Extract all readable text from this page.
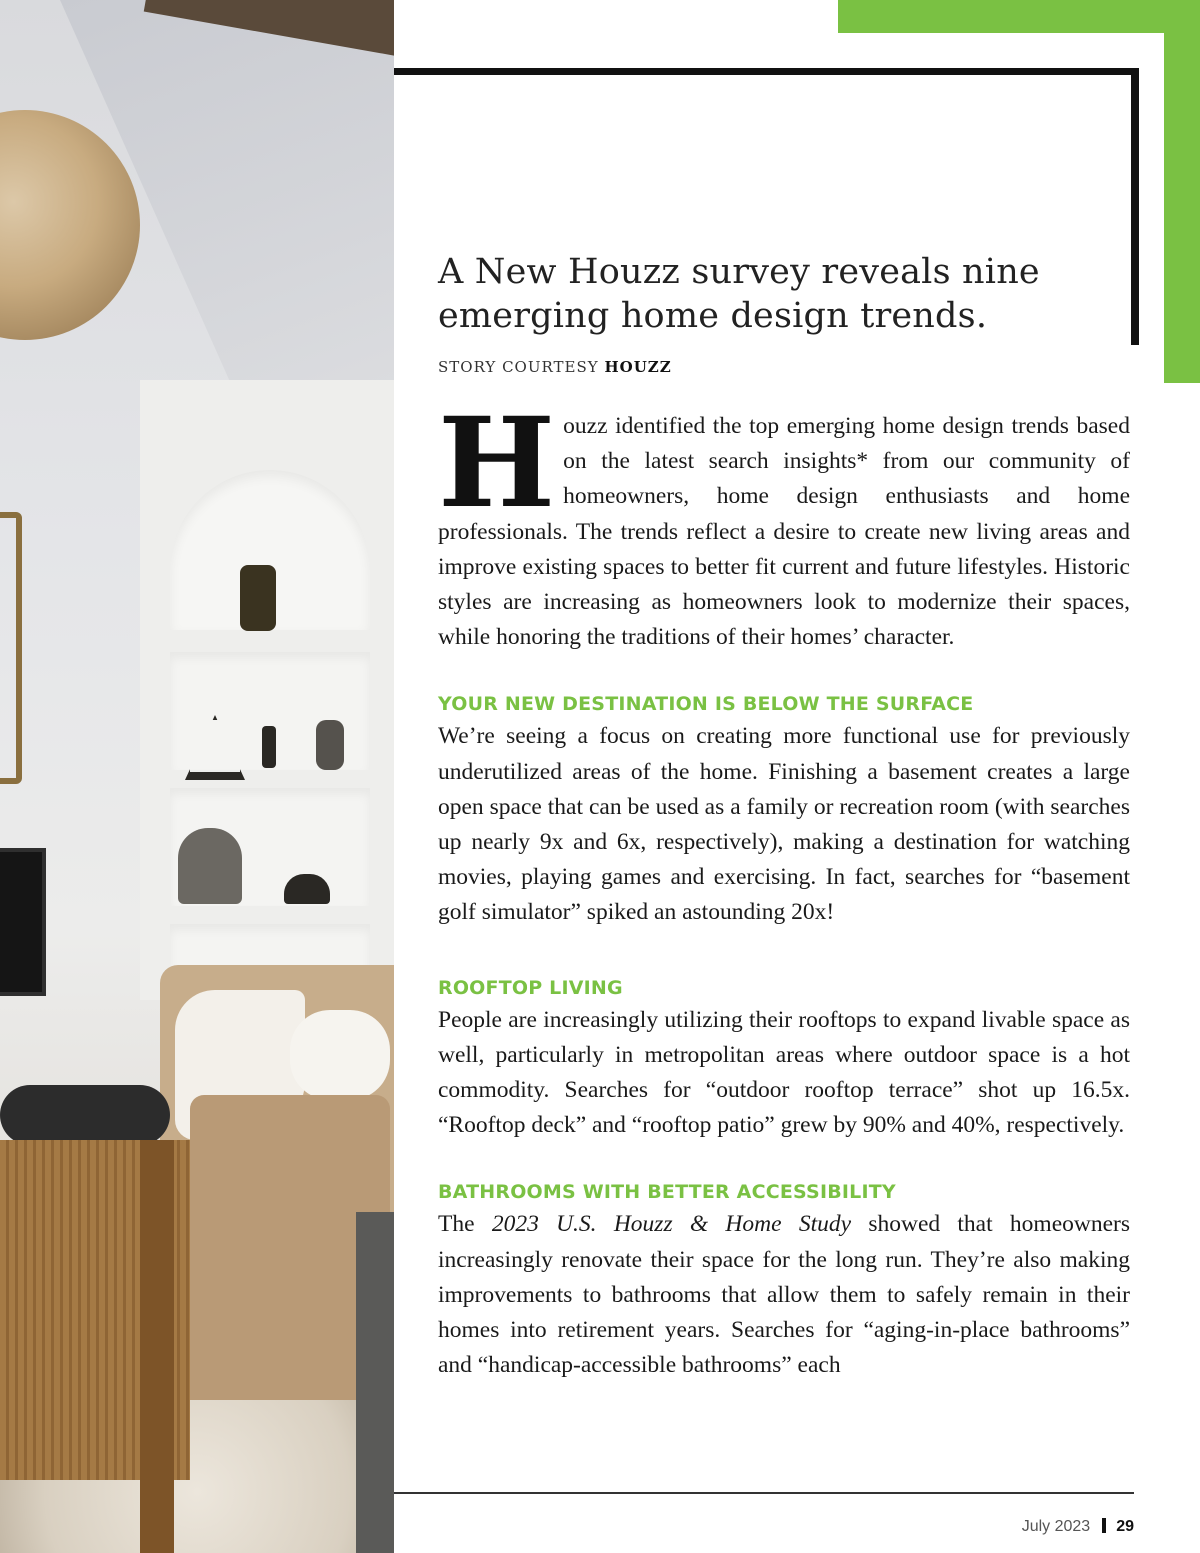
A New Houzz survey reveals nine emerging home design trends.

STORY COURTESY HOUZZ

Houzz identified the top emerging home design trends based on the latest search insights* from our community of homeowners, home design enthusiasts and home professionals. The trends reflect a desire to create new living areas and improve existing spaces to better fit current and future lifestyles. Historic styles are increasing as homeowners look to modernize their spaces, while honoring the traditions of their homes’ character.

YOUR NEW DESTINATION IS BELOW THE SURFACE

We’re seeing a focus on creating more functional use for previously underutilized areas of the home. Finishing a basement creates a large open space that can be used as a family or recreation room (with searches up nearly 9x and 6x, respectively), making a destination for watching movies, playing games and exercising. In fact, searches for “basement golf simulator” spiked an astounding 20x!

ROOFTOP LIVING

People are increasingly utilizing their rooftops to expand livable space as well, particularly in metropolitan areas where outdoor space is a hot commodity. Searches for “outdoor rooftop terrace” shot up 16.5x. “Rooftop deck” and “rooftop patio” grew by 90% and 40%, respectively.

BATHROOMS WITH BETTER ACCESSIBILITY

The 2023 U.S. Houzz & Home Study showed that homeowners increasingly renovate their space for the long run. They’re also making improvements to bathrooms that allow them to safely remain in their homes into retirement years. Searches for “aging-in-place bathrooms” and “handicap-accessible bathrooms” each

July 2023 29
